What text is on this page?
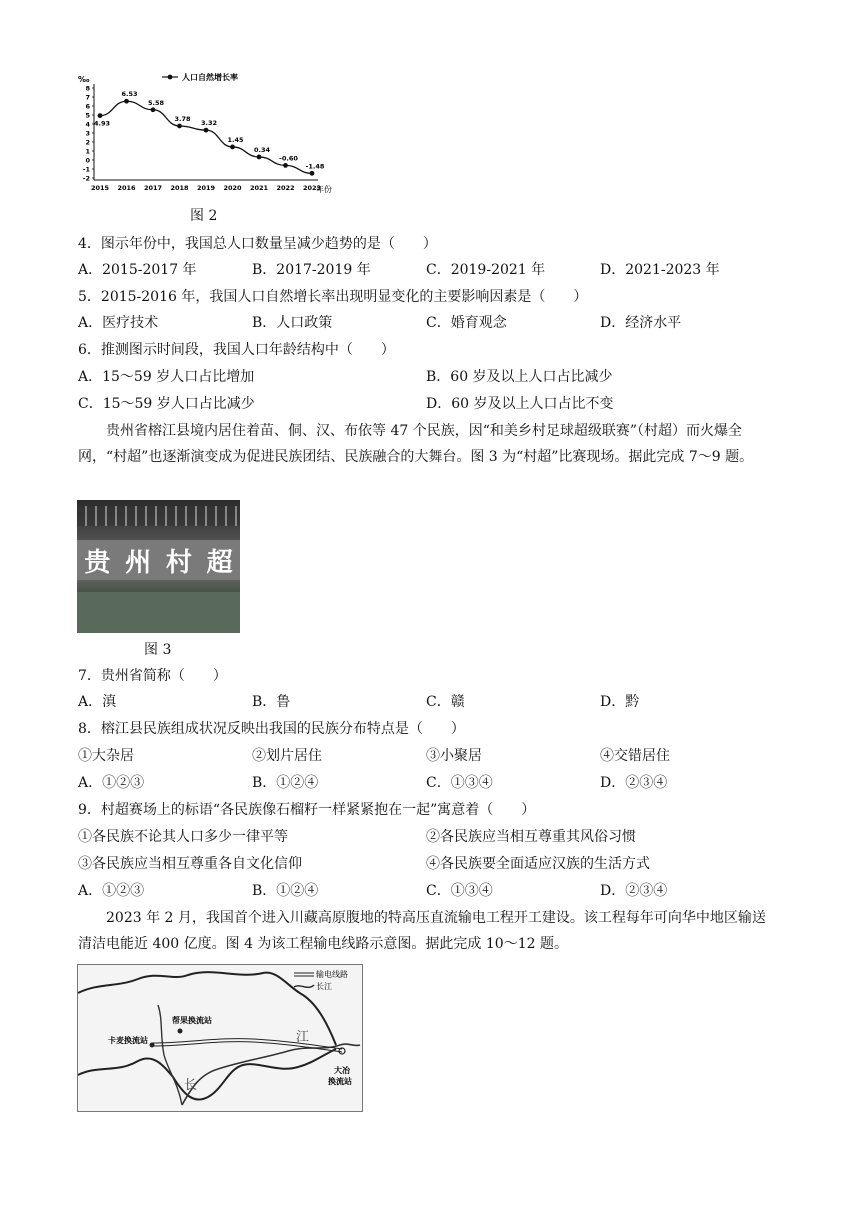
‰	人口自然增长率
年份
8
7
6
5
4
3
2
1
0
-1
-2
2015 2016 2017 2018 2019 2020 2021 2022 2023
4.93
6.53
5.58
3.78
3.32
1.45
0.34
-0.60
-1.48
图 2
4．图示年份中，我国总人口数量呈减少趋势的是（　　）
A．2015-2017 年	B．2017-2019 年	C．2019-2021 年	D．2021-2023 年
5．2015-2016 年，我国人口自然增长率出现明显变化的主要影响因素是（　　）
A．医疗技术	B．人口政策	C．婚育观念	D．经济水平
6．推测图示时间段，我国人口年龄结构中（　　）
A．15～59 岁人口占比增加	B．60 岁及以上人口占比减少
C．15～59 岁人口占比减少	D．60 岁及以上人口占比不变
贵州省榕江县境内居住着苗、侗、汉、布依等 47 个民族，因“和美乡村足球超级联赛”（村超）而火爆全网，“村超”也逐渐演变成为促进民族团结、民族融合的大舞台。图 3 为“村超”比赛现场。据此完成 7～9 题。
贵 州 村 超
图 3
7．贵州省简称（　　）
A．滇	B．鲁	C．赣	D．黔
8．榕江县民族组成状况反映出我国的民族分布特点是（　　）
①大杂居	②划片居住	③小聚居	④交错居住
A．①②③	B．①②④	C．①③④	D．②③④
9．村超赛场上的标语“各民族像石榴籽一样紧紧抱在一起”寓意着（　　）
①各民族不论其人口多少一律平等	②各民族应当相互尊重其风俗习惯
③各民族应当相互尊重各自文化信仰	④各民族要全面适应汉族的生活方式
A．①②③	B．①②④	C．①③④	D．②③④
2023 年 2 月，我国首个进入川藏高原腹地的特高压直流输电工程开工建设。该工程每年可向华中地区输送清洁电能近 400 亿度。图 4 为该工程输电线路示意图。据此完成 10～12 题。
输电线路
长江
卡麦换流站
帮果换流站
大冶
换流站
江
长
